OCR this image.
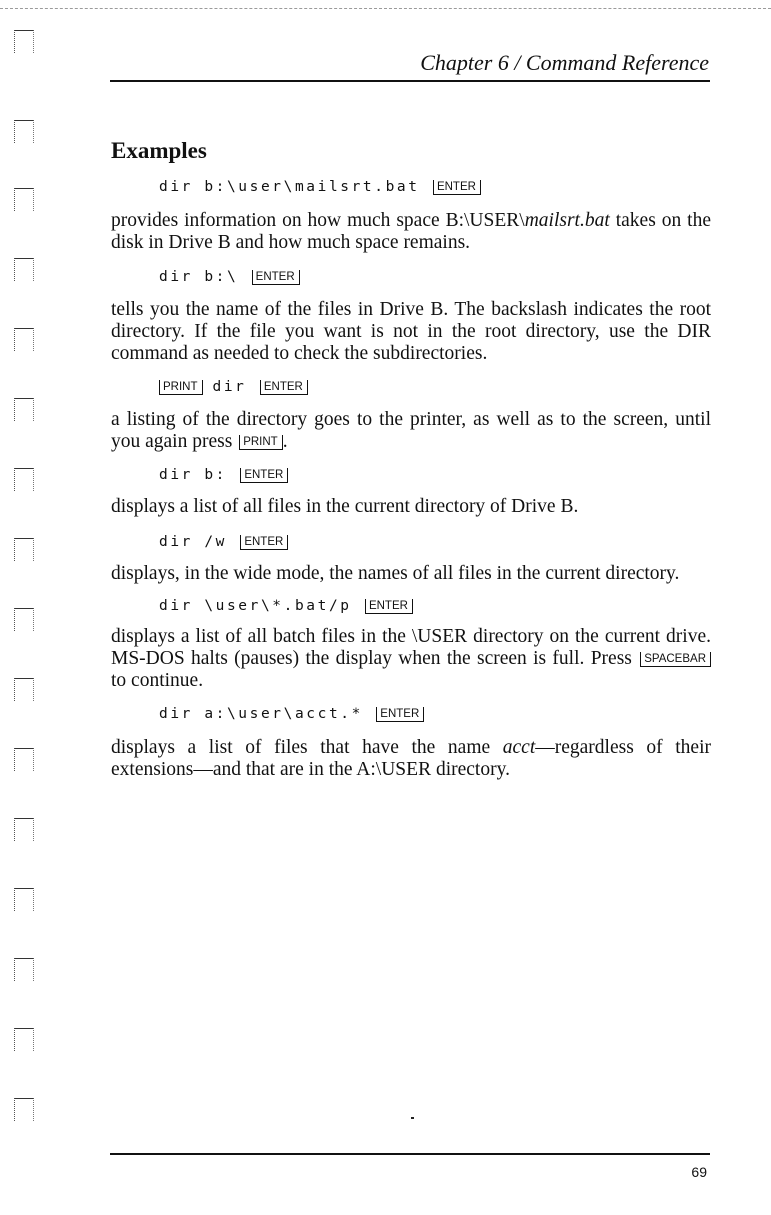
Chapter 6 / Command Reference
Examples
dir b:\user\mailsrt.bat ENTER

provides information on how much space B:\USER\mailsrt.bat takes on the disk in Drive B and how much space remains.

dir b:\ ENTER

tells you the name of the files in Drive B. The backslash indicates the root directory. If the file you want is not in the root directory, use the DIR command as needed to check the subdirectories.

PRINT dir ENTER

a listing of the directory goes to the printer, as well as to the screen, until you again press PRINT .

dir b: ENTER

displays a list of all files in the current directory of Drive B.

dir /w ENTER

displays, in the wide mode, the names of all files in the current directory.

dir \user\*.bat/p ENTER

displays a list of all batch files in the \USER directory on the current drive. MS-DOS halts (pauses) the display when the screen is full. Press SPACEBAR to continue.

dir a:\user\acct.* ENTER

displays a list of files that have the name acct—regardless of their extensions—and that are in the A:\USER directory.

69
